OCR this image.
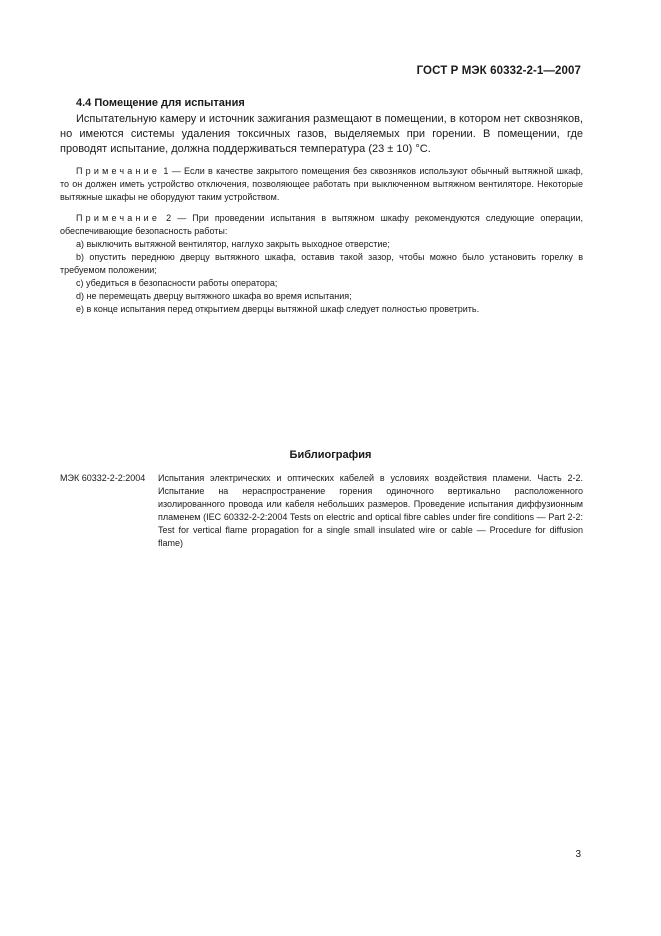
ГОСТ Р МЭК 60332-2-1—2007
4.4 Помещение для испытания

Испытательную камеру и источник зажигания размещают в помещении, в котором нет сквозняков, но имеются системы удаления токсичных газов, выделяемых при горении. В помещении, где проводят испытание, должна поддерживаться температура (23 ± 10) °С.

Примечание 1 — Если в качестве закрытого помещения без сквозняков используют обычный вытяжной шкаф, то он должен иметь устройство отключения, позволяющее работать при выключенном вытяжном вентиляторе. Некоторые вытяжные шкафы не оборудуют таким устройством.

Примечание 2 — При проведении испытания в вытяжном шкафу рекомендуются следующие операции, обеспечивающие безопасность работы:

а) выключить вытяжной вентилятор, наглухо закрыть выходное отверстие;
b) опустить переднюю дверцу вытяжного шкафа, оставив такой зазор, чтобы можно было установить горелку в требуемом положении;
с) убедиться в безопасности работы оператора;
d) не перемещать дверцу вытяжного шкафа во время испытания;
е) в конце испытания перед открытием дверцы вытяжной шкаф следует полностью проветрить.
Библиография
МЭК 60332-2-2:2004	Испытания электрических и оптических кабелей в условиях воздействия пламени. Часть 2-2. Испытание на нераспространение горения одиночного вертикально расположенного изолированного провода или кабеля небольших размеров. Проведение испытания диффузионным пламенем (IEC 60332-2-2:2004 Tests on electric and optical fibre cables under fire conditions — Part 2-2: Test for vertical flame propagation for a single small insulated wire or cable — Procedure for diffusion flame)
3
